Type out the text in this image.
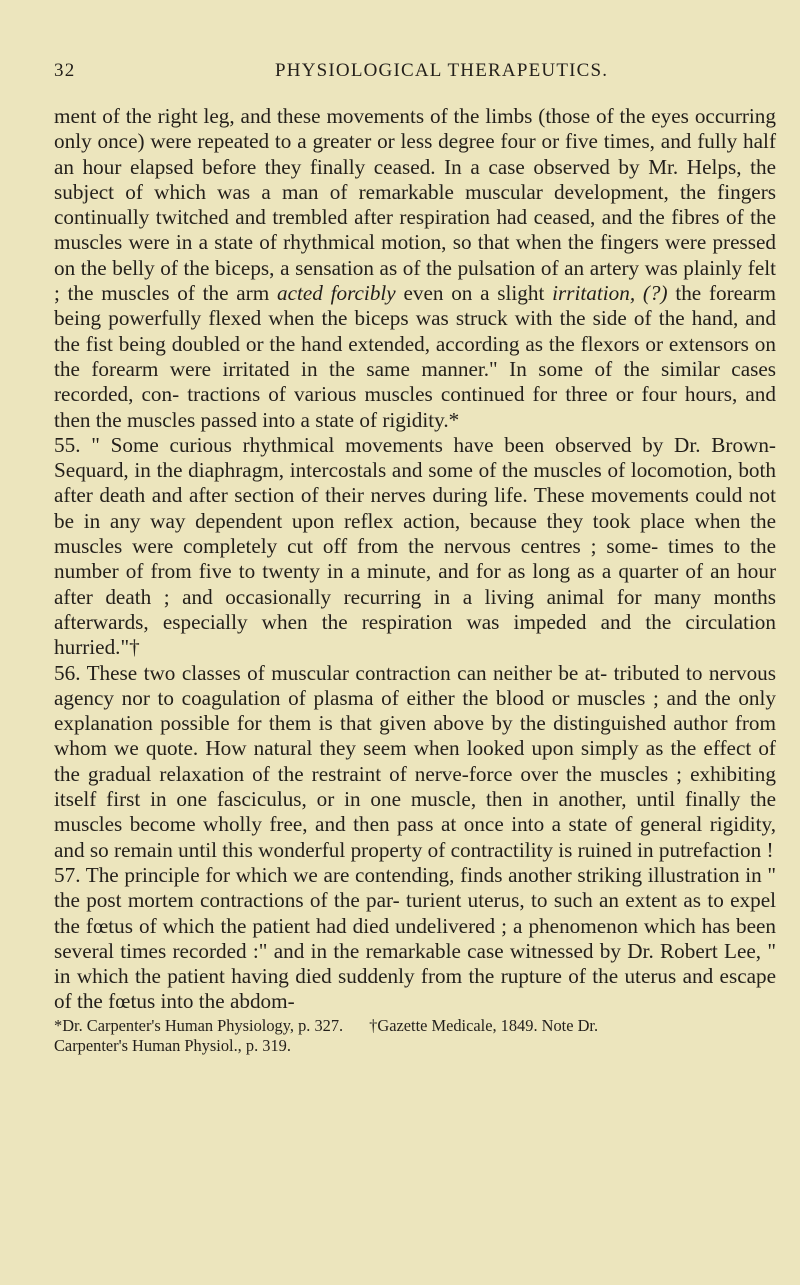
32	PHYSIOLOGICAL THERAPEUTICS.

ment of the right leg, and these movements of the limbs (those of the eyes occurring only once) were repeated to a greater or less degree four or five times, and fully half an hour elapsed before they finally ceased. In a case observed by Mr. Helps, the subject of which was a man of remarkable muscular development, the fingers continually twitched and trembled after respiration had ceased, and the fibres of the muscles were in a state of rhythmical motion, so that when the fingers were pressed on the belly of the biceps, a sensation as of the pulsation of an artery was plainly felt ; the muscles of the arm acted forcibly even on a slight irritation, (?) the forearm being powerfully flexed when the biceps was struck with the side of the hand, and the fist being doubled or the hand extended, according as the flexors or extensors on the forearm were irritated in the same manner." In some of the similar cases recorded, con- tractions of various muscles continued for three or four hours, and then the muscles passed into a state of rigidity.*

55. " Some curious rhythmical movements have been observed by Dr. Brown-Sequard, in the diaphragm, intercostals and some of the muscles of locomotion, both after death and after section of their nerves during life. These movements could not be in any way dependent upon reflex action, because they took place when the muscles were completely cut off from the nervous centres ; some- times to the number of from five to twenty in a minute, and for as long as a quarter of an hour after death ; and occasionally recurring in a living animal for many months afterwards, especially when the respiration was impeded and the circulation hurried."†

56. These two classes of muscular contraction can neither be at- tributed to nervous agency nor to coagulation of plasma of either the blood or muscles ; and the only explanation possible for them is that given above by the distinguished author from whom we quote. How natural they seem when looked upon simply as the effect of the gradual relaxation of the restraint of nerve-force over the muscles ; exhibiting itself first in one fasciculus, or in one muscle, then in another, until finally the muscles become wholly free, and then pass at once into a state of general rigidity, and so remain until this wonderful property of contractility is ruined in putrefaction !

57. The principle for which we are contending, finds another striking illustration in " the post mortem contractions of the par- turient uterus, to such an extent as to expel the fœtus of which the patient had died undelivered ; a phenomenon which has been several times recorded :" and in the remarkable case witnessed by Dr. Robert Lee, " in which the patient having died suddenly from the rupture of the uterus and escape of the fœtus into the abdom-

*Dr. Carpenter's Human Physiology, p. 327. †Gazette Medicale, 1849. Note Dr.

Carpenter's Human Physiol., p. 319.
